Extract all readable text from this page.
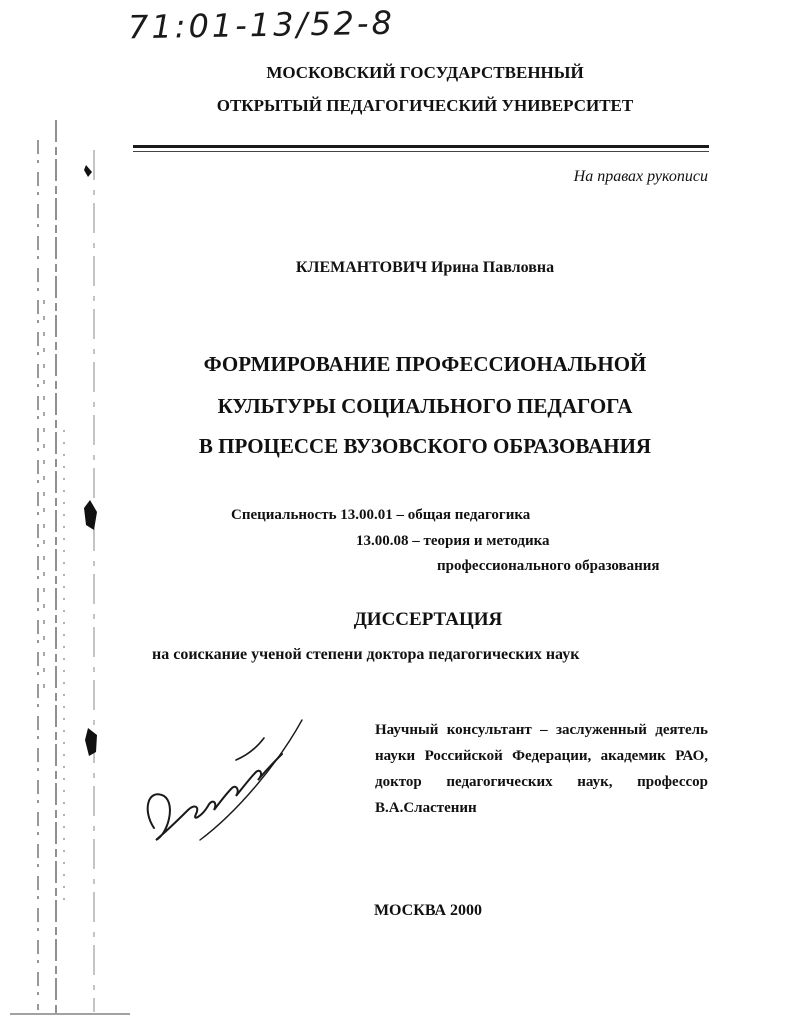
71:01-13/52-8
МОСКОВСКИЙ ГОСУДАРСТВЕННЫЙ
ОТКРЫТЫЙ ПЕДАГОГИЧЕСКИЙ УНИВЕРСИТЕТ
На правах рукописи
КЛЕМАНТОВИЧ Ирина Павловна
ФОРМИРОВАНИЕ ПРОФЕССИОНАЛЬНОЙ
КУЛЬТУРЫ СОЦИАЛЬНОГО ПЕДАГОГА
В ПРОЦЕССЕ ВУЗОВСКОГО ОБРАЗОВАНИЯ
Специальность 13.00.01 – общая педагогика
13.00.08 – теория и методика
профессионального образования
ДИССЕРТАЦИЯ
на соискание ученой степени доктора педагогических наук
Научный консультант – заслуженный деятель науки Российской Федерации, академик РАО, доктор педагогических наук, профессор В.А.Сластенин
МОСКВА 2000
